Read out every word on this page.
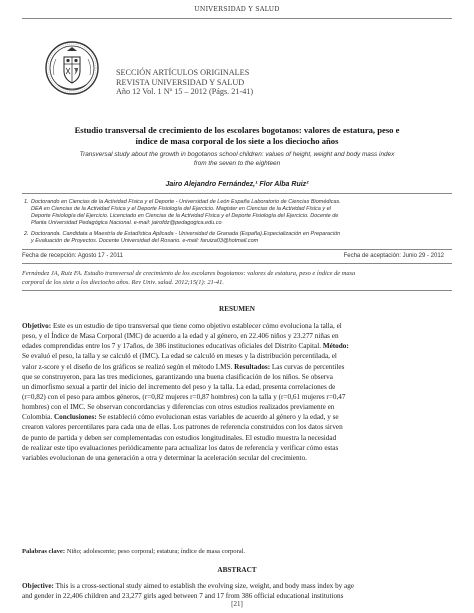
UNIVERSIDAD Y SALUD
SECCIÓN ARTÍCULOS ORIGINALES
REVISTA UNIVERSIDAD Y SALUD
Año 12 Vol. 1 Nº 15 – 2012 (Págs. 21-41)
Estudio transversal de crecimiento de los escolares bogotanos: valores de estatura, peso e
índice de masa corporal de los siete a los dieciocho años
Transversal study about the growth in bogotanos school children: values of height, weight and body mass index
from the seven to the eighteen
Jairo Alejandro Fernández,¹ Flor Alba Ruiz²
1. Doctorando en Ciencias de la Actividad Física y el Deporte - Universidad de León España Laboratorio de Ciencias Biomédicas.
DEA en Ciencias de la Actividad Física y el Deporte Fisiología del Ejercicio. Magister en Ciencias de la Actividad Física y el
Deporte Fisiología del Ejercicio. Licenciado en Ciencias de la Actividad Física y el Deporte Fisiología del Ejercicio. Docente de
Planta Universidad Pedagógica Nacional. e-mail: jairofdz@pedagogica.edu.co
2. Doctoranda. Candidata a Maestría de Estadística Aplicada - Universidad de Granada (España).Especialización en Preparación
y Evaluación de Proyectos. Docente Universidad del Rosario. e-mail: faruiza03@hotmail.com
Fecha de recepción: Agosto 17 - 2011	Fecha de aceptación: Junio 29 - 2012
Fernández JA, Ruiz FA. Estudio transversal de crecimiento de los escolares bogotanos: valores de estatura, peso e índice de masa
corporal de los siete a los dieciocho años. Rev Univ. salud. 2012;15(1): 21-41.
RESUMEN
Objetivo: Este es un estudio de tipo transversal que tiene como objetivo establecer cómo evoluciona la talla, el
peso, y el Índice de Masa Corporal (IMC) de acuerdo a la edad y al género, en 22.406 niños y 23.277 niñas en
edades comprendidas entre los 7 y 17años, de 386 instituciones educativas oficiales del Distrito Capital. Método:
Se evaluó el peso, la talla y se calculó el (IMC). La edad se calculó en meses y la distribución percentilada, el
valor z-score y el diseño de los gráficos se realizó según el método LMS. Resultados: Las curvas de percentiles
que se construyeron, para las tres mediciones, garantizando una buena clasificación de los niños. Se observa
un dimorfismo sexual a partir del inicio del incremento del peso y la talla. La edad, presenta correlaciones de
(r=0,82) con el peso para ambos géneros, (r=0,82 mujeres r=0,87 hombres) con la talla y (r=0,61 mujeres r=0,47
hombres) con el IMC. Se observan concordancias y diferencias con otros estudios realizados previamente en
Colombia. Conclusiones: Se estableció cómo evolucionan estas variables de acuerdo al género y la edad, y se
crearon valores percentilares para cada una de ellas. Los patrones de referencia construidos con los datos sirven
de punto de partida y deben ser complementadas con estudios longitudinales. El estudio muestra la necesidad
de realizar este tipo evaluaciones periódicamente para actualizar los datos de referencia y verificar cómo estas
variables evolucionan de una generación a otra y determinar la aceleración secular del crecimiento.
Palabras clave: Niño; adolescente; peso corporal; estatura; índice de masa corporal.
ABSTRACT
Objective: This is a cross-sectional study aimed to establish the evolving size, weight, and body mass index by age
and gender in 22,406 children and 23,277 girls aged between 7 and 17 from 386 official educational institutions
[21]
